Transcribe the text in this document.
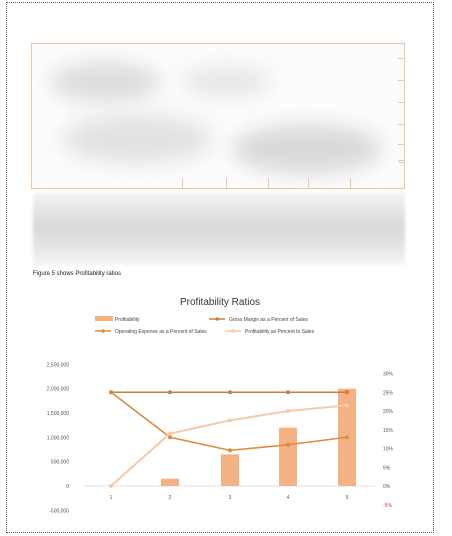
Figure 5 shows Profitability ratios
Profitability Ratios
Profitability	Gross Margin as a Percent of Sales
Operating Expense as a Percent of Sales	Profitability as Percent to Sales
-500,000
0
500,000
1,000,000
1,500,000
2,000,000
2,500,000
-5%
0%
5%
10%
15%
20%
25%
30%
1	2	3	4	5
